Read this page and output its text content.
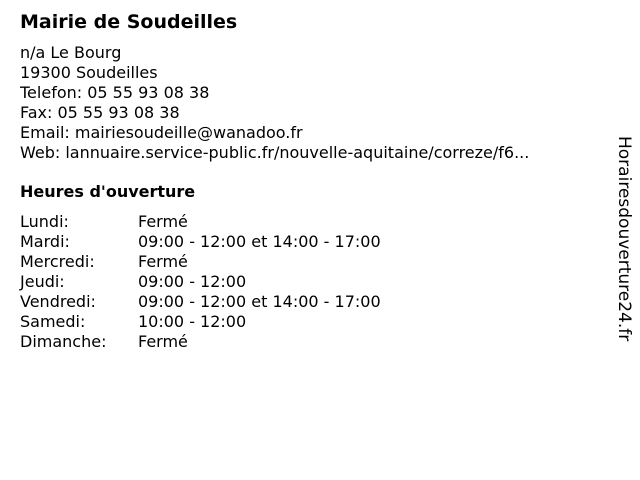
Mairie de Soudeilles
n/a Le Bourg
19300 Soudeilles
Telefon: 05 55 93 08 38
Fax: 05 55 93 08 38
Email: mairiesoudeille@wanadoo.fr
Web: lannuaire.service-public.fr/nouvelle-aquitaine/correze/f6...
Heures d'ouverture
Lundi:	Fermé
Mardi:	09:00 - 12:00 et 14:00 - 17:00
Mercredi:	Fermé
Jeudi:	09:00 - 12:00
Vendredi:	09:00 - 12:00 et 14:00 - 17:00
Samedi:	10:00 - 12:00
Dimanche:	Fermé
Horairesdouverture24.fr
